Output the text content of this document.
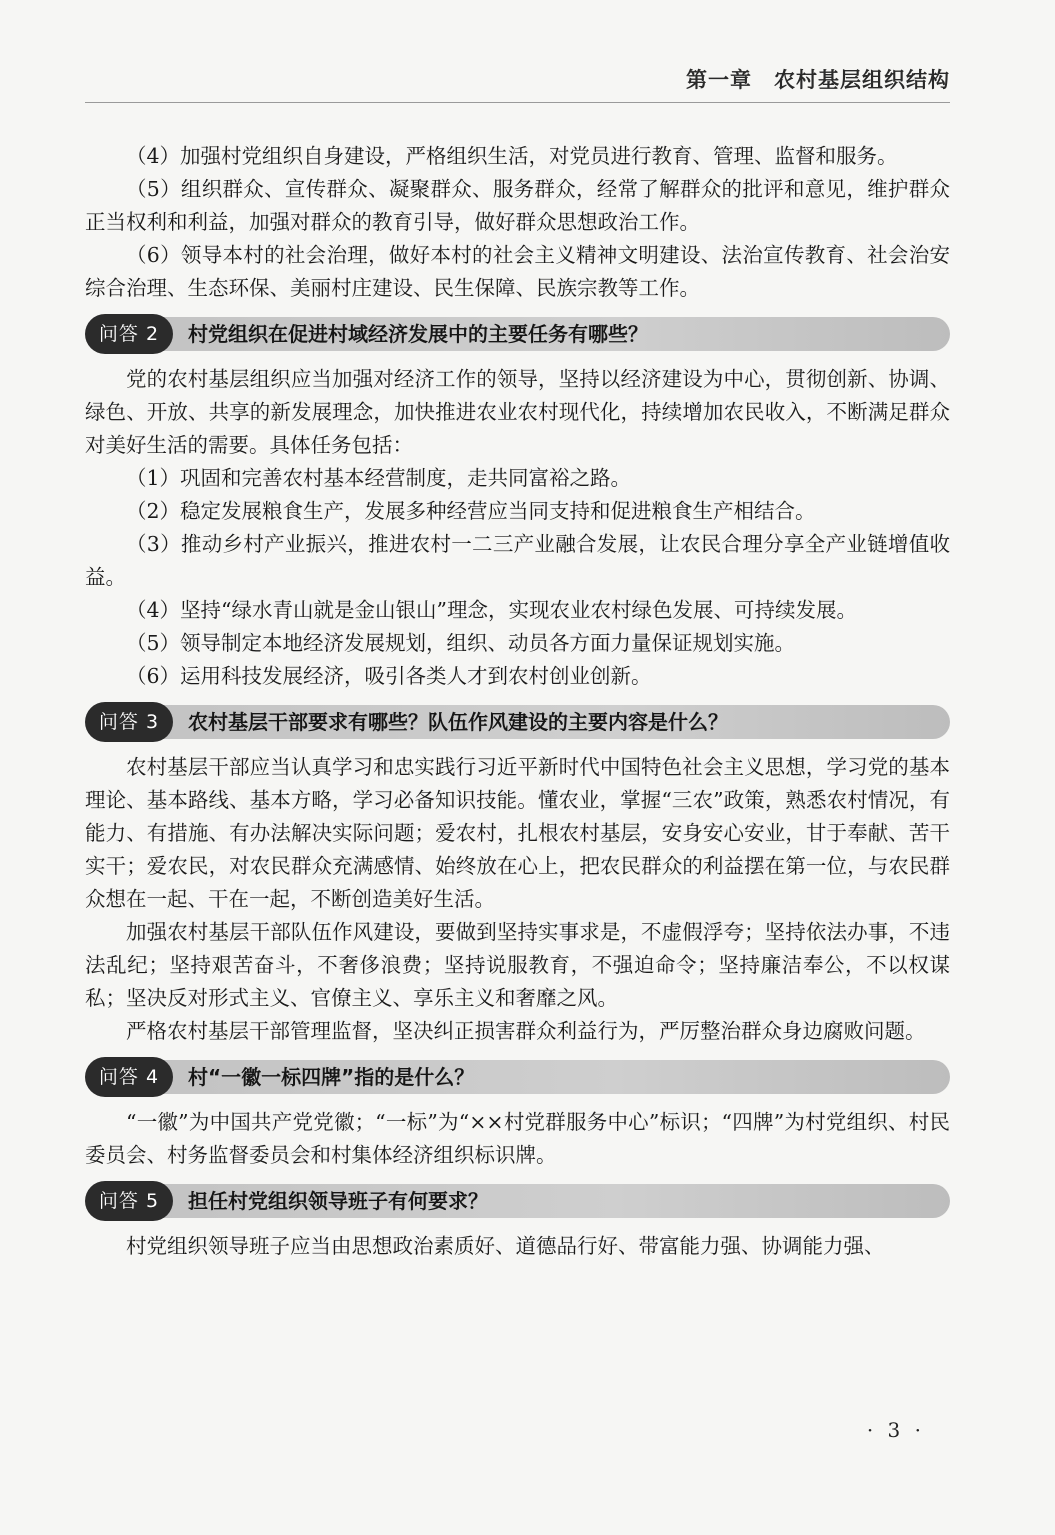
第一章　农村基层组织结构

（4）加强村党组织自身建设，严格组织生活，对党员进行教育、管理、监督和服务。

（5）组织群众、宣传群众、凝聚群众、服务群众，经常了解群众的批评和意见，维护群众正当权利和利益，加强对群众的教育引导，做好群众思想政治工作。

（6）领导本村的社会治理，做好本村的社会主义精神文明建设、法治宣传教育、社会治安综合治理、生态环保、美丽村庄建设、民生保障、民族宗教等工作。

问答 2	村党组织在促进村域经济发展中的主要任务有哪些？

党的农村基层组织应当加强对经济工作的领导，坚持以经济建设为中心，贯彻创新、协调、绿色、开放、共享的新发展理念，加快推进农业农村现代化，持续增加农民收入，不断满足群众对美好生活的需要。具体任务包括：

（1）巩固和完善农村基本经营制度，走共同富裕之路。

（2）稳定发展粮食生产，发展多种经营应当同支持和促进粮食生产相结合。

（3）推动乡村产业振兴，推进农村一二三产业融合发展，让农民合理分享全产业链增值收益。

（4）坚持“绿水青山就是金山银山”理念，实现农业农村绿色发展、可持续发展。

（5）领导制定本地经济发展规划，组织、动员各方面力量保证规划实施。

（6）运用科技发展经济，吸引各类人才到农村创业创新。

问答 3	农村基层干部要求有哪些？队伍作风建设的主要内容是什么？

农村基层干部应当认真学习和忠实践行习近平新时代中国特色社会主义思想，学习党的基本理论、基本路线、基本方略，学习必备知识技能。懂农业，掌握“三农”政策，熟悉农村情况，有能力、有措施、有办法解决实际问题；爱农村，扎根农村基层，安身安心安业，甘于奉献、苦干实干；爱农民，对农民群众充满感情、始终放在心上，把农民群众的利益摆在第一位，与农民群众想在一起、干在一起，不断创造美好生活。

加强农村基层干部队伍作风建设，要做到坚持实事求是，不虚假浮夸；坚持依法办事，不违法乱纪；坚持艰苦奋斗，不奢侈浪费；坚持说服教育，不强迫命令；坚持廉洁奉公，不以权谋私；坚决反对形式主义、官僚主义、享乐主义和奢靡之风。

严格农村基层干部管理监督，坚决纠正损害群众利益行为，严厉整治群众身边腐败问题。

问答 4	村“一徽一标四牌”指的是什么？

“一徽”为中国共产党党徽；“一标”为“××村党群服务中心”标识；“四牌”为村党组织、村民委员会、村务监督委员会和村集体经济组织标识牌。

问答 5	担任村党组织领导班子有何要求？

村党组织领导班子应当由思想政治素质好、道德品行好、带富能力强、协调能力强、

· 3 ·
